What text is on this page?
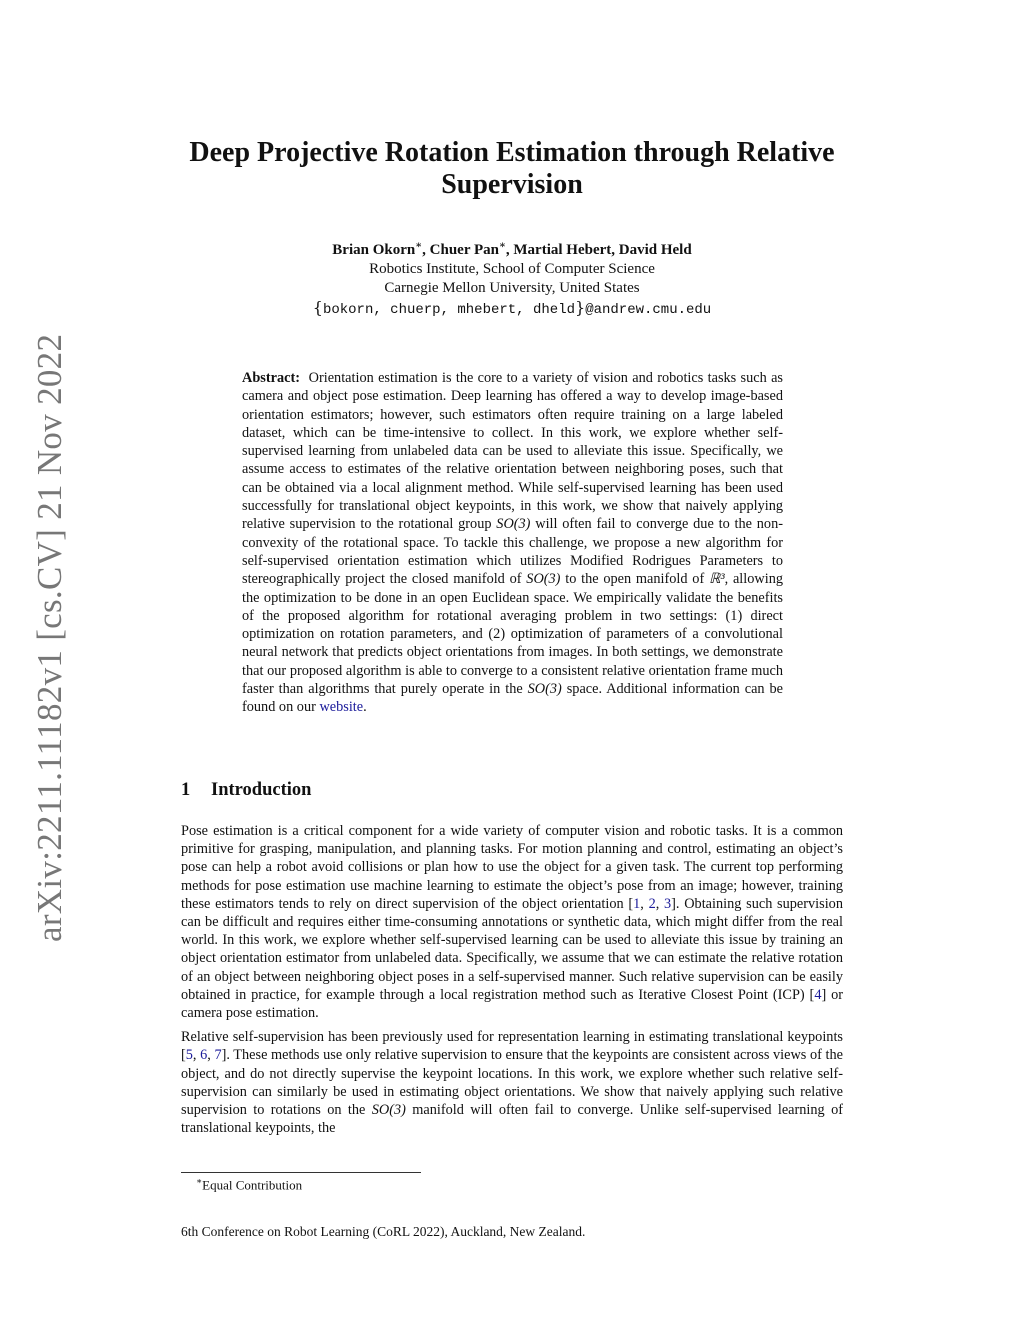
arXiv:2211.11182v1 [cs.CV] 21 Nov 2022
Deep Projective Rotation Estimation through Relative
Supervision
Brian Okorn∗, Chuer Pan∗, Martial Hebert, David Held
Robotics Institute, School of Computer Science
Carnegie Mellon University, United States
{bokorn, chuerp, mhebert, dheld}@andrew.cmu.edu
Abstract: Orientation estimation is the core to a variety of vision and robotics tasks such as camera and object pose estimation. Deep learning has offered a way to develop image-based orientation estimators; however, such estimators often require training on a large labeled dataset, which can be time-intensive to collect. In this work, we explore whether self-supervised learning from unlabeled data can be used to alleviate this issue. Specifically, we assume access to estimates of the relative orientation between neighboring poses, such that can be obtained via a local alignment method. While self-supervised learning has been used successfully for translational object keypoints, in this work, we show that naively applying relative supervision to the rotational group SO(3) will often fail to converge due to the non-convexity of the rotational space. To tackle this challenge, we propose a new algorithm for self-supervised orientation estimation which utilizes Modified Rodrigues Parameters to stereographically project the closed manifold of SO(3) to the open manifold of ℝ³, allowing the optimization to be done in an open Euclidean space. We empirically validate the benefits of the proposed algorithm for rotational averaging problem in two settings: (1) direct optimization on rotation parameters, and (2) optimization of parameters of a convolutional neural network that predicts object orientations from images. In both settings, we demonstrate that our proposed algorithm is able to converge to a consistent relative orientation frame much faster than algorithms that purely operate in the SO(3) space. Additional information can be found on our website.
1 Introduction

Pose estimation is a critical component for a wide variety of computer vision and robotic tasks. It is a common primitive for grasping, manipulation, and planning tasks. For motion planning and control, estimating an object’s pose can help a robot avoid collisions or plan how to use the object for a given task. The current top performing methods for pose estimation use machine learning to estimate the object’s pose from an image; however, training these estimators tends to rely on direct supervision of the object orientation [1, 2, 3]. Obtaining such supervision can be difficult and requires either time-consuming annotations or synthetic data, which might differ from the real world. In this work, we explore whether self-supervised learning can be used to alleviate this issue by training an object orientation estimator from unlabeled data. Specifically, we assume that we can estimate the relative rotation of an object between neighboring object poses in a self-supervised manner. Such relative supervision can be easily obtained in practice, for example through a local registration method such as Iterative Closest Point (ICP) [4] or camera pose estimation.

Relative self-supervision has been previously used for representation learning in estimating translational keypoints [5, 6, 7]. These methods use only relative supervision to ensure that the keypoints are consistent across views of the object, and do not directly supervise the keypoint locations. In this work, we explore whether such relative self-supervision can similarly be used in estimating object orientations. We show that naively applying such relative supervision to rotations on the SO(3) manifold will often fail to converge. Unlike self-supervised learning of translational keypoints, the

∗Equal Contribution
6th Conference on Robot Learning (CoRL 2022), Auckland, New Zealand.
